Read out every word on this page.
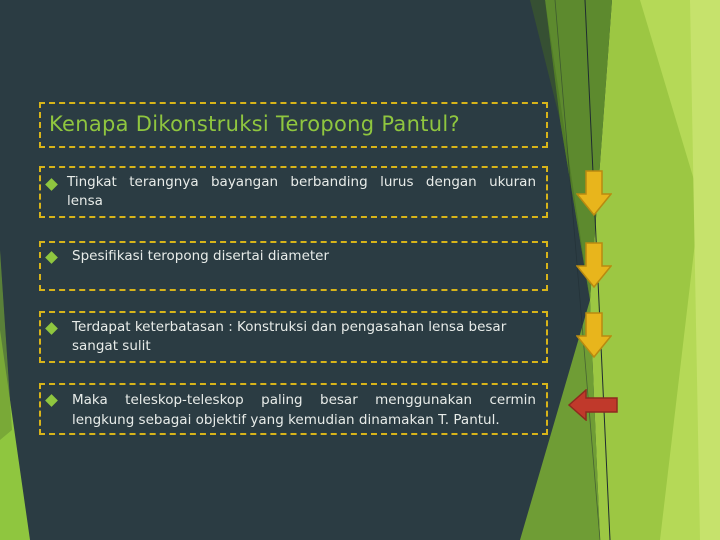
Kenapa Dikonstruksi Teropong Pantul?
Tingkat terangnya bayangan berbanding lurus dengan ukuran
lensa
Spesifikasi teropong disertai diameter
Terdapat keterbatasan : Konstruksi dan pengasahan lensa besar
sangat sulit
Maka teleskop-teleskop paling besar menggunakan cermin
lengkung sebagai objektif yang kemudian dinamakan T. Pantul.
